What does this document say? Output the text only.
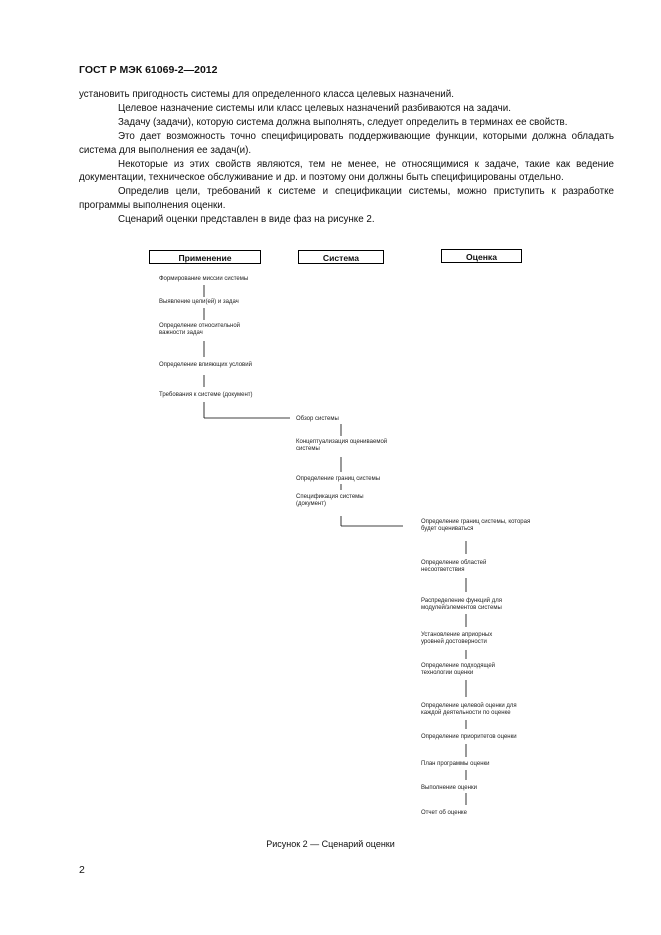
ГОСТ Р МЭК 61069-2—2012

установить пригодность системы для определенного класса целевых назначений.

Целевое назначение системы или класс целевых назначений разбиваются на задачи.

Задачу (задачи), которую система должна выполнять, следует определить в терминах ее свойств.

Это дает возможность точно специфицировать поддерживающие функции, которыми должна обладать система для выполнения ее задач(и).

Некоторые из этих свойств являются, тем не менее, не относящимися к задаче, такие как ведение документации, техническое обслуживание и др. и поэтому они должны быть специфицированы отдельно.

Определив цели, требований к системе и спецификации системы, можно приступить к разработке программы выполнения оценки.

Сценарий оценки представлен в виде фаз на рисунке 2.

Применение	Система	Оценка
Формирование миссии системы
Выявление цели(ей) и задач
Определение относительной важности задач
Определение влияющих условий
Требования к системе (документ)
Обзор системы
Концептуализация оцениваемой системы
Определение границ системы
Спецификация системы (документ)
Определение границ системы, которая будет оцениваться
Определение областей несоответствия
Распределение функций для модулей/элементов системы
Установление априорных уровней достоверности
Определение подходящей технологии оценки
Определение целевой оценки для каждой деятельности по оценке
Определение приоритетов оценки
План программы оценки
Выполнение оценки
Отчет об оценке
Рисунок 2 — Сценарий оценки
2
